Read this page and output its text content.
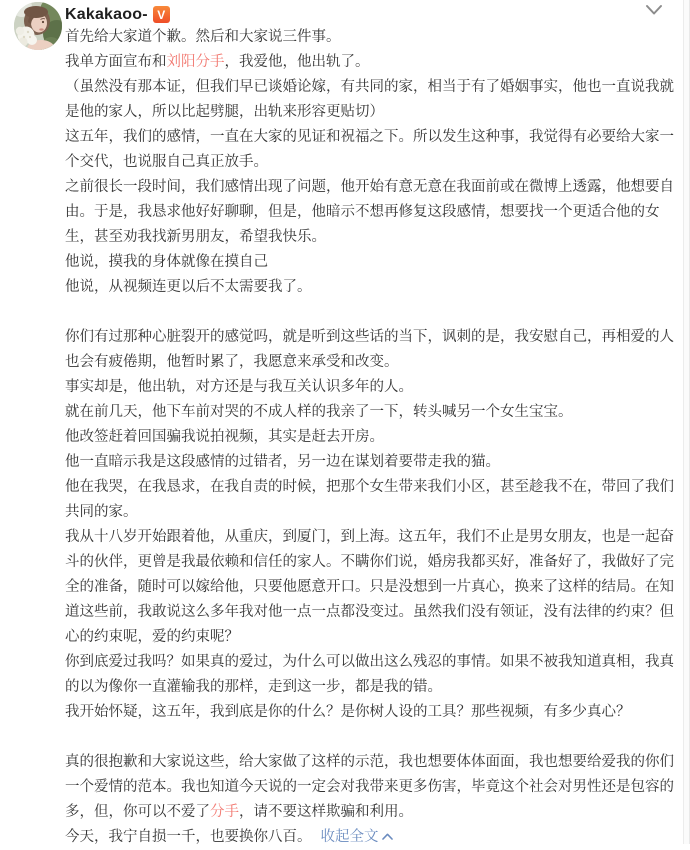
Kakakaoo- V

首先给大家道个歉。然后和大家说三件事。

我单方面宣布和刘阳分手，我爱他，他出轨了。

（虽然没有那本证，但我们早已谈婚论嫁，有共同的家，相当于有了婚姻事实，他也一直说我就是他的家人，所以比起劈腿，出轨来形容更贴切）

这五年，我们的感情，一直在大家的见证和祝福之下。所以发生这种事，我觉得有必要给大家一个交代，也说服自己真正放手。

之前很长一段时间，我们感情出现了问题，他开始有意无意在我面前或在微博上透露，他想要自由。于是，我恳求他好好聊聊，但是，他暗示不想再修复这段感情，想要找一个更适合他的女生，甚至劝我找新男朋友，希望我快乐。

他说，摸我的身体就像在摸自己

他说，从视频连更以后不太需要我了。

你们有过那种心脏裂开的感觉吗，就是听到这些话的当下，讽刺的是，我安慰自己，再相爱的人也会有疲倦期，他暂时累了，我愿意来承受和改变。

事实却是，他出轨，对方还是与我互关认识多年的人。

就在前几天，他下车前对哭的不成人样的我亲了一下，转头喊另一个女生宝宝。

他改签赶着回国骗我说拍视频，其实是赶去开房。

他一直暗示我是这段感情的过错者，另一边在谋划着要带走我的猫。

他在我哭，在我恳求，在我自责的时候，把那个女生带来我们小区，甚至趁我不在，带回了我们共同的家。

我从十八岁开始跟着他，从重庆，到厦门，到上海。这五年，我们不止是男女朋友，也是一起奋斗的伙伴，更曾是我最依赖和信任的家人。不瞒你们说，婚房我都买好，准备好了，我做好了完全的准备，随时可以嫁给他，只要他愿意开口。只是没想到一片真心，换来了这样的结局。在知道这些前，我敢说这么多年我对他一点一点都没变过。虽然我们没有领证，没有法律的约束？但心的约束呢，爱的约束呢？

你到底爱过我吗？如果真的爱过，为什么可以做出这么残忍的事情。如果不被我知道真相，我真的以为像你一直灌输我的那样，走到这一步，都是我的错。

我开始怀疑，这五年，我到底是你的什么？是你树人设的工具？那些视频，有多少真心？

真的很抱歉和大家说这些，给大家做了这样的示范，我也想要体体面面，我也想要给爱我的你们一个爱情的范本。我也知道今天说的一定会对我带来更多伤害，毕竟这个社会对男性还是包容的多，但，你可以不爱了分手，请不要这样欺骗和利用。

今天，我宁自损一千，也要换你八百。 收起全文
